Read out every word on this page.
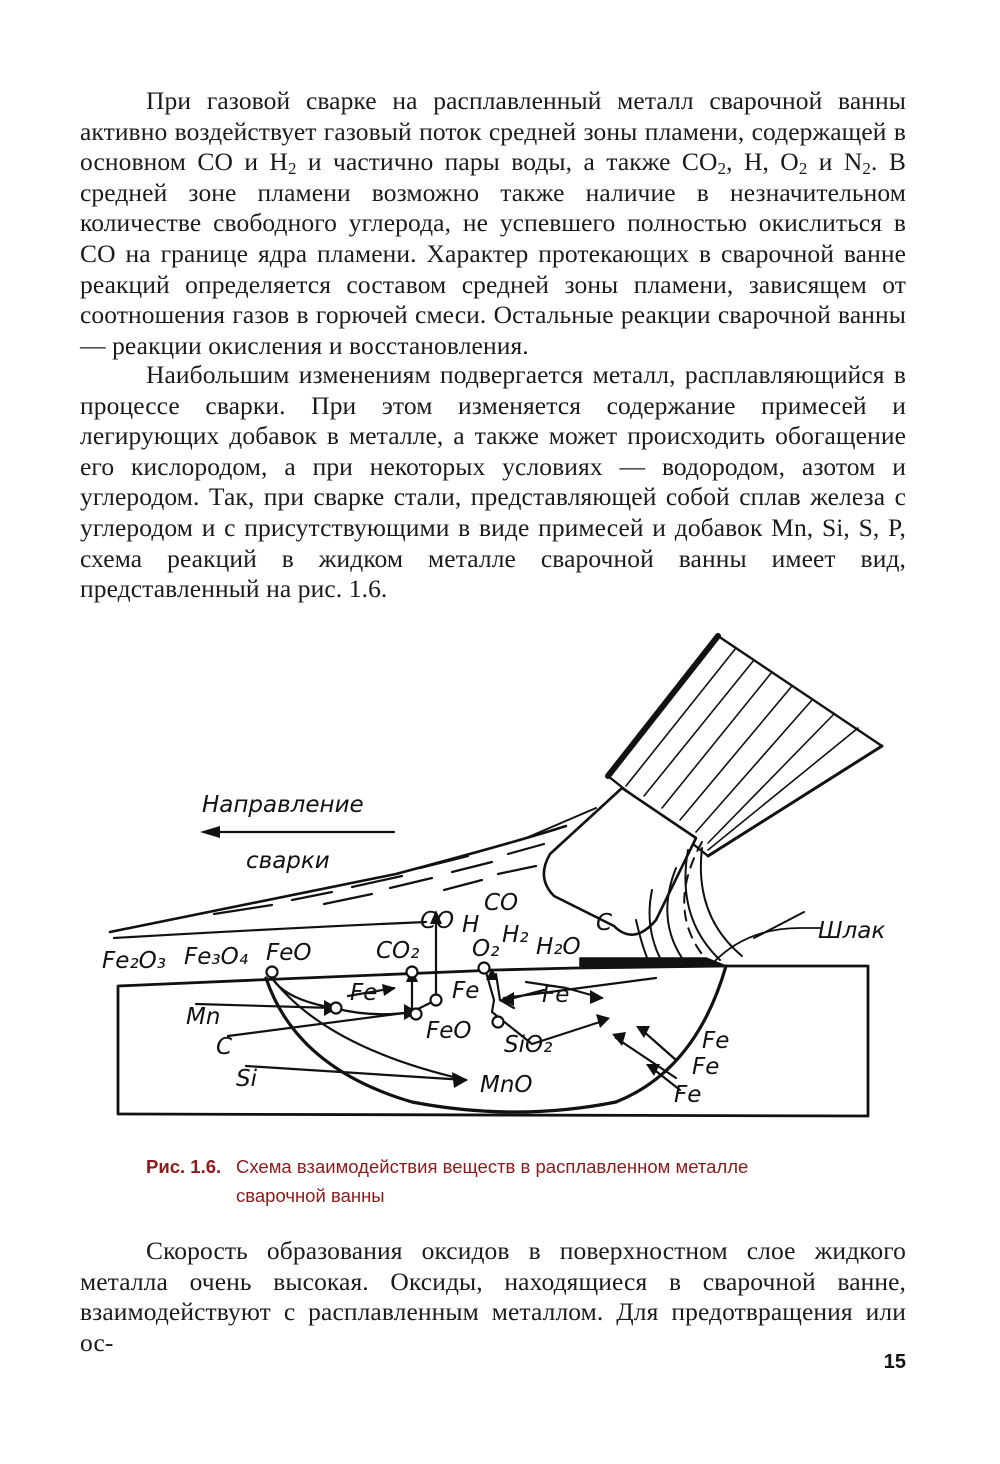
При газовой сварке на расплавленный металл сварочной ванны активно воздействует газовый поток средней зоны пламени, содержащей в основном CO и $H_2$ и частично пары воды, а также $CO_2$, H, $O_2$ и $N_2$. В средней зоне пламени возможно также наличие в незначительном количестве свободного углерода, не успевшего полностью окислиться в CO на границе ядра пламени. Характер протекающих в сварочной ванне реакций определяется составом средней зоны пламени, зависящем от соотношения газов в горючей смеси. Остальные реакции сварочной ванны — реакции окисления и восстановления.

Наибольшим изменениям подвергается металл, расплавляющийся в процессе сварки. При этом изменяется содержание примесей и легирующих добавок в металле, а также может происходить обогащение его кислородом, а при некоторых условиях — водородом, азотом и углеродом. Так, при сварке стали, представляющей собой сплав железа с углеродом и с присутствующими в виде примесей и добавок Mn, Si, S, P, схема реакций в жидком металле сварочной ванны имеет вид, представленный на рис. 1.6.

Направление
сварки
Шлак
Fe₂O₃ Fe₃O₄ FeO	CO₂
CO
CO
H H₂
O₂ H₂O
C
Fe	Fe	Fe
Mn
C
Si
FeO
SiO₂
MnO
Fe
Fe
Fe
Рис. 1.6. Схема взаимодействия веществ в расплавленном металле сварочной ванны

Скорость образования оксидов в поверхностном слое жидкого металла очень высокая. Оксиды, находящиеся в сварочной ванне, взаимодействуют с расплавленным металлом. Для предотвращения или ос-

15
